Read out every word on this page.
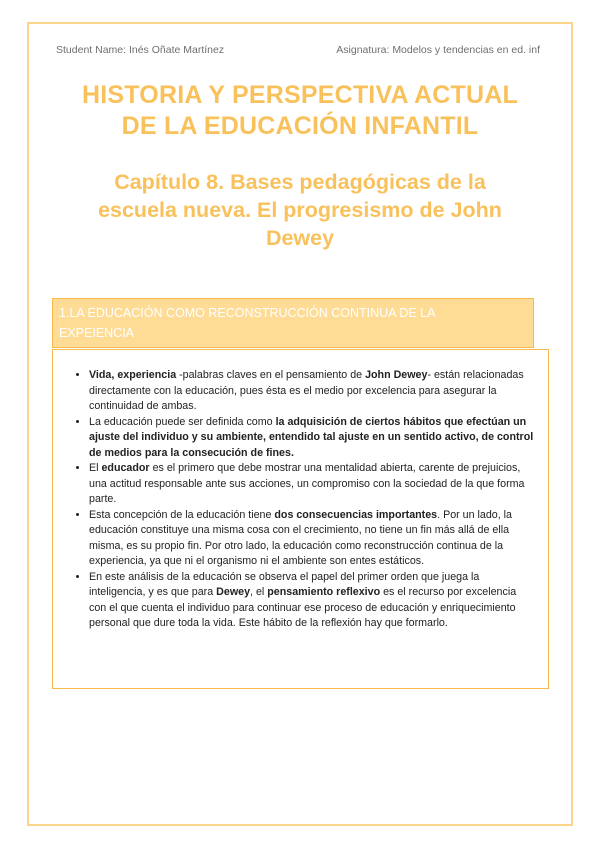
Student Name: Inés Oñate Martínez	Asignatura: Modelos y tendencias en ed. inf
HISTORIA Y PERSPECTIVA ACTUAL
DE LA EDUCACIÓN INFANTIL
Capítulo 8. Bases pedagógicas de la
escuela nueva. El progresismo de John
Dewey
1.LA EDUCACIÓN COMO RECONSTRUCCIÓN CONTINUA DE LA
EXPEIENCIA
• Vida, experiencia -palabras claves en el pensamiento de John Dewey- están relacionadas directamente con la educación, pues ésta es el medio por excelencia para asegurar la continuidad de ambas.
• La educación puede ser definida como la adquisición de ciertos hábitos que efectúan un ajuste del individuo y su ambiente, entendido tal ajuste en un sentido activo, de control de medios para la consecución de fines.
• El educador es el primero que debe mostrar una mentalidad abierta, carente de prejuicios, una actitud responsable ante sus acciones, un compromiso con la sociedad de la que forma parte.
• Esta concepción de la educación tiene dos consecuencias importantes. Por un lado, la educación constituye una misma cosa con el crecimiento, no tiene un fin más allá de ella misma, es su propio fin. Por otro lado, la educación como reconstrucción continua de la experiencia, ya que ni el organismo ni el ambiente son entes estáticos.
• En este análisis de la educación se observa el papel del primer orden que juega la inteligencia, y es que para Dewey, el pensamiento reflexivo es el recurso por excelencia con el que cuenta el individuo para continuar ese proceso de educación y enriquecimiento personal que dure toda la vida. Este hábito de la reflexión hay que formarlo.
